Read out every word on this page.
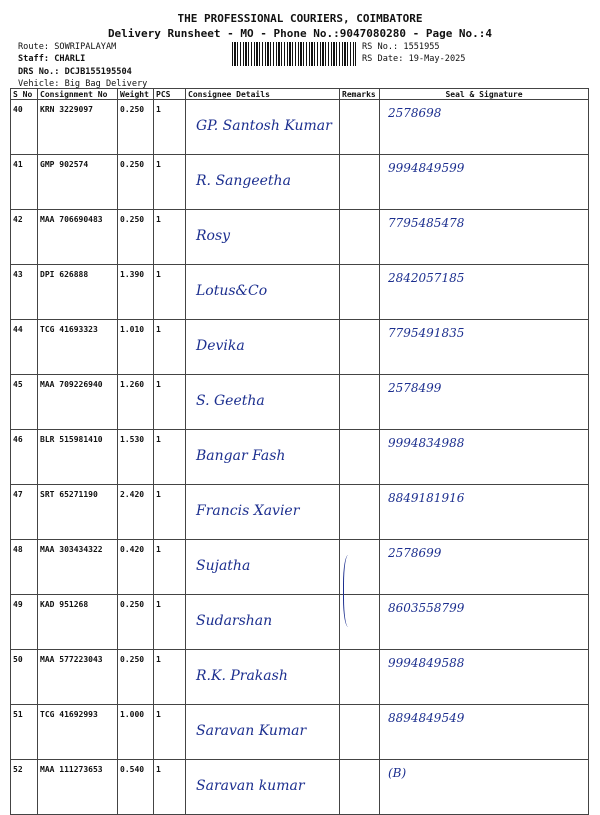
THE PROFESSIONAL COURIERS, COIMBATORE
Delivery Runsheet - MO - Phone No.:9047080280 - Page No.:4
Route: SOWRIPALAYAM
Staff: CHARLI
DRS No.: DCJB155195504
Vehicle: Big Bag Delivery
RS No.: 1551955
RS Date: 19-May-2025
S No	Consignment No	Weight	PCS	Consignee Details	Remarks	Seal & Signature
40	KRN 3229097	0.250	1	GP. Santosh Kumar		2578698
41	GMP 902574	0.250	1	R. Sangeetha		9994849599
42	MAA 706690483	0.250	1	Rosy		7795485478
43	DPI 626888	1.390	1	Lotus&Co		2842057185
44	TCG 41693323	1.010	1	Devika		7795491835
45	MAA 709226940	1.260	1	S. Geetha		2578499
46	BLR 515981410	1.530	1	Bangar Fash		9994834988
47	SRT 65271190	2.420	1	Francis Xavier		8849181916
48	MAA 303434322	0.420	1	Sujatha		2578699
49	KAD 951268	0.250	1	Sudarshan		8603558799
50	MAA 577223043	0.250	1	R.K. Prakash		9994849588
51	TCG 41692993	1.000	1	Saravan Kumar		8894849549
52	MAA 111273653	0.540	1	Saravan kumar		(B)
